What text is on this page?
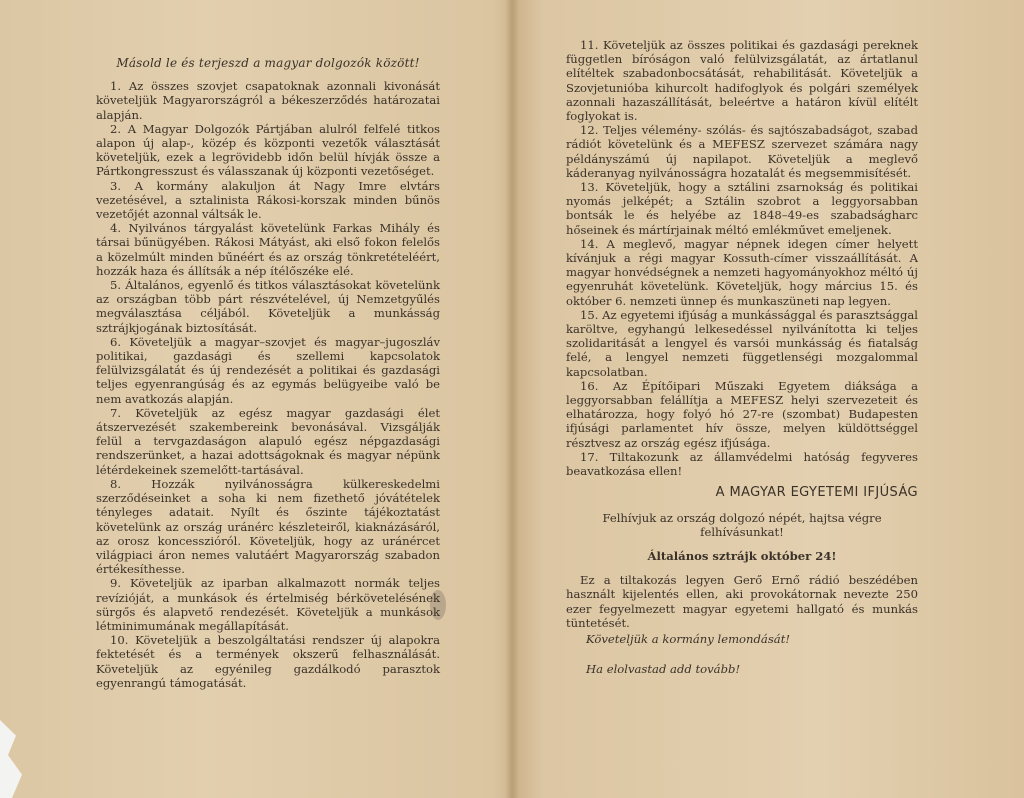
Másold le és terjeszd a magyar dolgozók között!

1. Az összes szovjet csapatoknak azonnali kivonását követeljük Magyarországról a békeszerződés határozatai alapján.

2. A Magyar Dolgozók Pártjában alulról felfelé titkos alapon új alap-, közép és központi vezetők választását követeljük, ezek a legrövidebb időn belül hívják össze a Pártkongresszust és válasszanak új központi vezetőséget.

3. A kormány alakuljon át Nagy Imre elvtárs vezetésével, a sztalinista Rákosi-korszak minden bűnös vezetőjét azonnal váltsák le.

4. Nyilvános tárgyalást követelünk Farkas Mihály és társai bűnügyében. Rákosi Mátyást, aki első fokon felelős a közelmúlt minden bűnéért és az ország tönkretételéért, hozzák haza és állítsák a nép ítélőszéke elé.

5. Általános, egyenlő és titkos választásokat követelünk az országban több párt részvételével, új Nemzetgyűlés megválasztása céljából. Követeljük a munkásság sztrájkjogának biztosítását.

6. Követeljük a magyar–szovjet és magyar–jugoszláv politikai, gazdasági és szellemi kapcsolatok felülvizsgálatát és új rendezését a politikai és gazdasági teljes egyenrangúság és az egymás belügyeibe való be nem avatkozás alapján.

7. Követeljük az egész magyar gazdasági élet átszervezését szakembereink bevonásával. Vizsgálják felül a tervgazdaságon alapuló egész népgazdasági rendszerünket, a hazai adottságoknak és magyar népünk létérdekeinek szemelőtt-tartásával.

8. Hozzák nyilvánosságra külkereskedelmi szerződéseinket a soha ki nem fizethető jóvátételek tényleges adatait. Nyílt és őszinte tájékoztatást követelünk az ország uránérc készleteiről, kiaknázásáról, az orosz koncesszióról. Követeljük, hogy az uránércet világpiaci áron nemes valutáért Magyarország szabadon értékesíthesse.

9. Követeljük az iparban alkalmazott normák teljes revízióját, a munkások és értelmiség bérkövetelésének sürgős és alapvető rendezését. Követeljük a munkások létminimumának megállapítását.

10. Követeljük a beszolgáltatási rendszer új alapokra fektetését és a termények okszerű felhasználását. Követeljük az egyénileg gazdálkodó parasztok egyenrangú támogatását.

11. Követeljük az összes politikai és gazdasági pereknek független bíróságon való felülvizsgálatát, az ártatlanul elítéltek szabadonbocsátását, rehabilitását. Követeljük a Szovjetunióba kihurcolt hadifoglyok és polgári személyek azonnali hazaszállítását, beleértve a határon kívül elítélt foglyokat is.

12. Teljes vélemény- szólás- és sajtószabadságot, szabad rádiót követelünk és a MEFESZ szervezet számára nagy példányszámú új napilapot. Követeljük a meglevő káderanyag nyilvánosságra hozatalát és megsemmisítését.

13. Követeljük, hogy a sztálini zsarnokság és politikai nyomás jelképét; a Sztálin szobrot a leggyorsabban bontsák le és helyébe az 1848–49-es szabadságharc hőseinek és mártírjainak méltó emlékművet emeljenek.

14. A meglevő, magyar népnek idegen címer helyett kívánjuk a régi magyar Kossuth-címer visszaállítását. A magyar honvédségnek a nemzeti hagyományokhoz méltó új egyenruhát követelünk. Követeljük, hogy március 15. és október 6. nemzeti ünnep és munkaszüneti nap legyen.

15. Az egyetemi ifjúság a munkássággal és parasztsággal karöltve, egyhangú lelkesedéssel nyilvánította ki teljes szolidaritását a lengyel és varsói munkásság és fiatalság felé, a lengyel nemzeti függetlenségi mozgalommal kapcsolatban.

16. Az Építőipari Műszaki Egyetem diáksága a leggyorsabban felállítja a MEFESZ helyi szervezeteit és elhatározza, hogy folyó hó 27-re (szombat) Budapesten ifjúsági parlamentet hív össze, melyen küldöttséggel résztvesz az ország egész ifjúsága.

17. Tiltakozunk az államvédelmi hatóság fegyveres beavatkozása ellen!

A MAGYAR EGYETEMI IFJÚSÁG

Felhívjuk az ország dolgozó népét, hajtsa végre felhívásunkat!

Általános sztrájk október 24!

Ez a tiltakozás legyen Gerő Ernő rádió beszédében használt kijelentés ellen, aki provokátornak nevezte 250 ezer fegyelmezett magyar egyetemi hallgató és munkás tüntetését.

Követeljük a kormány lemondását!

Ha elolvastad add tovább!
